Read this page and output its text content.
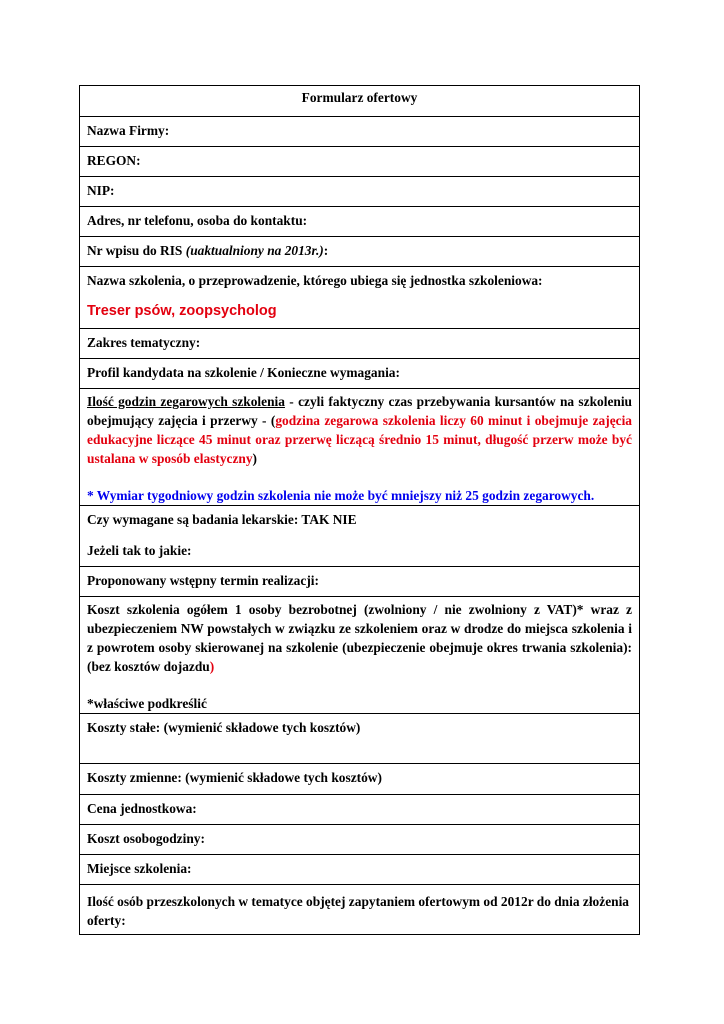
Formularz ofertowy
Nazwa Firmy:
REGON:
NIP:
Adres, nr telefonu, osoba do kontaktu:
Nr wpisu do RIS (uaktualniony na 2013r.):
Nazwa szkolenia, o przeprowadzenie, którego ubiega się jednostka szkoleniowa:
Treser psów, zoopsycholog

Zakres tematyczny:
Profil kandydata na szkolenie / Konieczne wymagania:

Ilość godzin zegarowych szkolenia - czyli faktyczny czas przebywania kursantów na szkoleniu obejmujący zajęcia i przerwy - (godzina zegarowa szkolenia liczy 60 minut i obejmuje zajęcia edukacyjne liczące 45 minut oraz przerwę liczącą średnio 15 minut, długość przerw może być ustalana w sposób elastyczny)

* Wymiar tygodniowy godzin szkolenia nie może być mniejszy niż 25 godzin zegarowych.

Czy wymagane są badania lekarskie: TAK NIE

Jeżeli tak to jakie:

Proponowany wstępny termin realizacji:

Koszt szkolenia ogółem 1 osoby bezrobotnej (zwolniony / nie zwolniony z VAT)* wraz z ubezpieczeniem NW powstałych w związku ze szkoleniem oraz w drodze do miejsca szkolenia i z powrotem osoby skierowanej na szkolenie (ubezpieczenie obejmuje okres trwania szkolenia): (bez kosztów dojazdu)

*właściwe podkreślić

Koszty stałe: (wymienić składowe tych kosztów)
Koszty zmienne: (wymienić składowe tych kosztów)
Cena jednostkowa:
Koszt osobogodziny:
Miejsce szkolenia:
Ilość osób przeszkolonych w tematyce objętej zapytaniem ofertowym od 2012r do dnia złożenia oferty:
